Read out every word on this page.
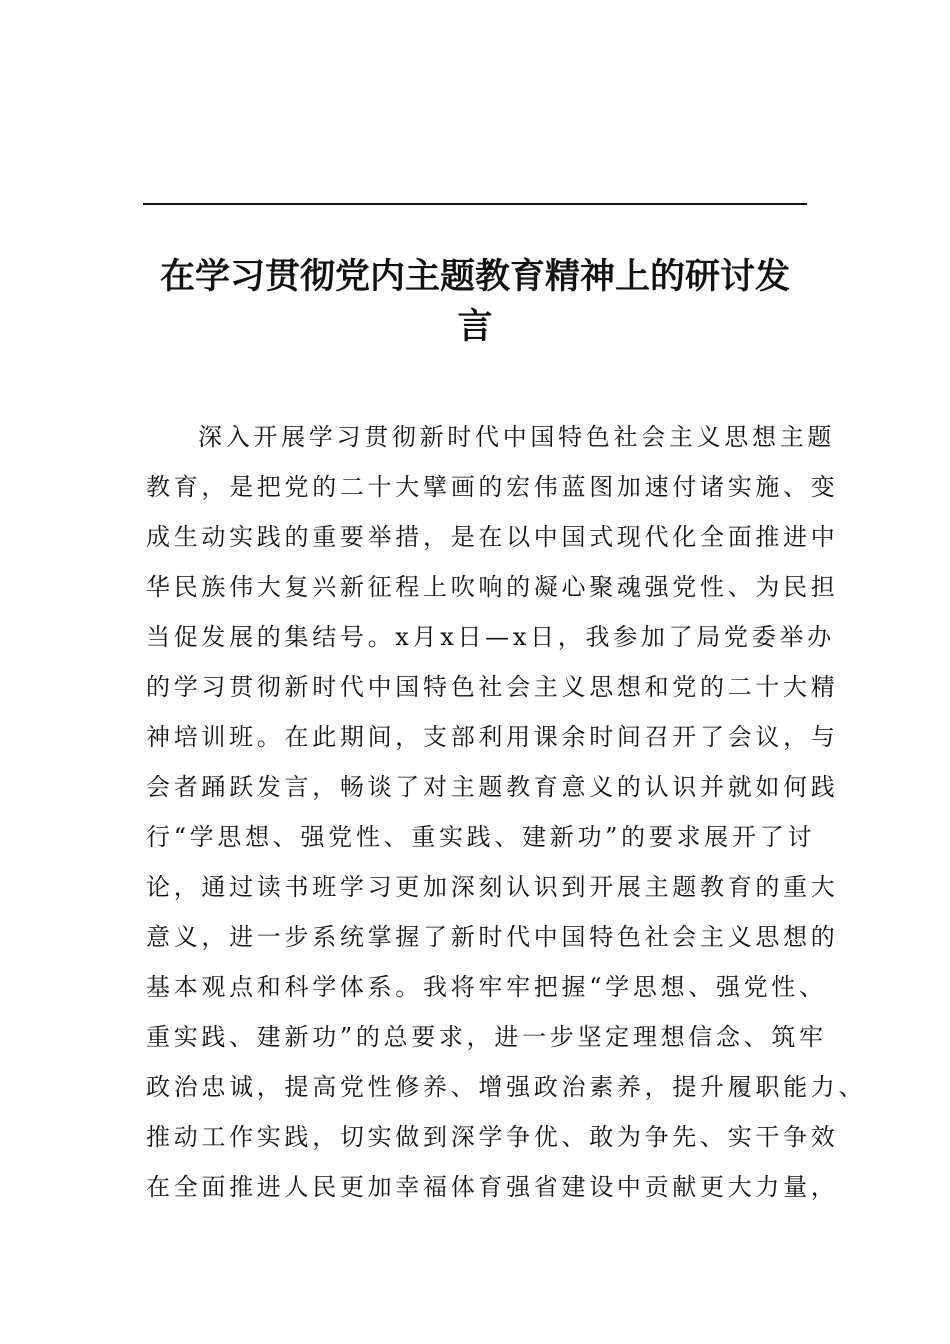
在学习贯彻党内主题教育精神上的研讨发
言
深入开展学习贯彻新时代中国特色社会主义思想主题
教育，是把党的二十大擘画的宏伟蓝图加速付诸实施、变
成生动实践的重要举措，是在以中国式现代化全面推进中
华民族伟大复兴新征程上吹响的凝心聚魂强党性、为民担
当促发展的集结号。x月x日—x日，我参加了局党委举办
的学习贯彻新时代中国特色社会主义思想和党的二十大精
神培训班。在此期间，支部利用课余时间召开了会议，与
会者踊跃发言，畅谈了对主题教育意义的认识并就如何践
行“学思想、强党性、重实践、建新功”的要求展开了讨
论，通过读书班学习更加深刻认识到开展主题教育的重大
意义，进一步系统掌握了新时代中国特色社会主义思想的
基本观点和科学体系。我将牢牢把握“学思想、强党性、
重实践、建新功”的总要求，进一步坚定理想信念、筑牢
政治忠诚，提高党性修养、增强政治素养，提升履职能力、
推动工作实践，切实做到深学争优、敢为争先、实干争效
在全面推进人民更加幸福体育强省建设中贡献更大力量，
